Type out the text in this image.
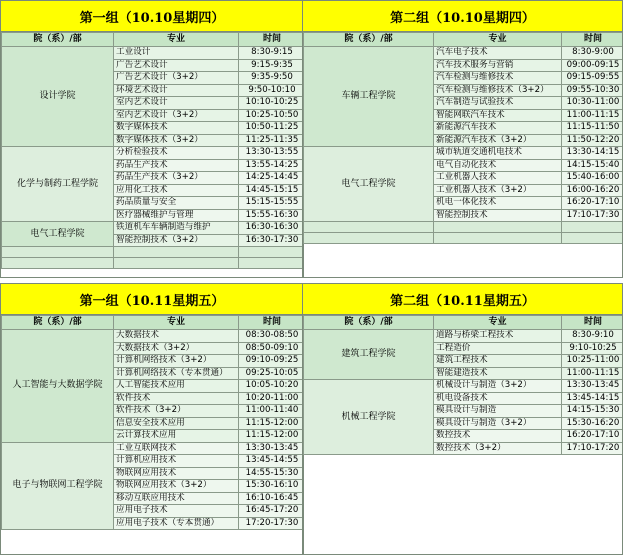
第一组（10.10星期四）
院（系）/部	专业	时间
设计学院	工业设计	8:30-9:15
	广告艺术设计	9:15-9:35
	广告艺术设计（3+2）	9:35-9:50
	环境艺术设计	9:50-10:10
	室内艺术设计	10:10-10:25
	室内艺术设计（3+2）	10:25-10:50
	数字媒体技术	10:50-11:25
	数字媒体技术（3+2）	11:25-11:35
化学与制药工程学院	分析检验技术	13:30-13:55
	药品生产技术	13:55-14:25
	药品生产技术（3+2）	14:25-14:45
	应用化工技术	14:45-15:15
	药品质量与安全	15:15-15:55
	医疗器械维护与管理	15:55-16:30
电气工程学院	铁道机车车辆制造与维护	16:30-16:30
	智能控制技术（3+2）	16:30-17:30

第二组（10.10星期四）
院（系）/部	专业	时间
车辆工程学院	汽车电子技术	8:30-9:00
	汽车技术服务与营销	09:00-09:15
	汽车检测与维修技术	09:15-09:55
	汽车检测与维修技术（3+2）	09:55-10:30
	汽车制造与试验技术	10:30-11:00
	智能网联汽车技术	11:00-11:15
	新能源汽车技术	11:15-11:50
	新能源汽车技术（3+2）	11:50-12:20
电气工程学院	城市轨道交通机电技术	13:30-14:15
	电气自动化技术	14:15-15:40
	工业机器人技术	15:40-16:00
	工业机器人技术（3+2）	16:00-16:20
	机电一体化技术	16:20-17:10
	智能控制技术	17:10-17:30

第一组（10.11星期五）
院（系）/部	专业	时间
人工智能与大数据学院	大数据技术	08:30-08:50
	大数据技术（3+2）	08:50-09:10
	计算机网络技术（3+2）	09:10-09:25
	计算机网络技术（专本贯通）	09:25-10:05
	人工智能技术应用	10:05-10:20
	软件技术	10:20-11:00
	软件技术（3+2）	11:00-11:40
	信息安全技术应用	11:15-12:00
	云计算技术应用	11:15-12:00
电子与物联网工程学院	工业互联网技术	13:30-13:45
	计算机应用技术	13:45-14:55
	物联网应用技术	14:55-15:30
	物联网应用技术（3+2）	15:30-16:10
	移动互联应用技术	16:10-16:45
	应用电子技术	16:45-17:20
	应用电子技术（专本贯通）	17:20-17:30
第二组（10.11星期五）
院（系）/部	专业	时间
建筑工程学院	道路与桥梁工程技术	8:30-9:10
	工程造价	9:10-10:25
	建筑工程技术	10:25-11:00
	智能建造技术	11:00-11:15
机械工程学院	机械设计与制造（3+2）	13:30-13:45
	机电设备技术	13:45-14:15
	模具设计与制造	14:15-15:30
	模具设计与制造（3+2）	15:30-16:20
	数控技术	16:20-17:10
	数控技术（3+2）	17:10-17:20
